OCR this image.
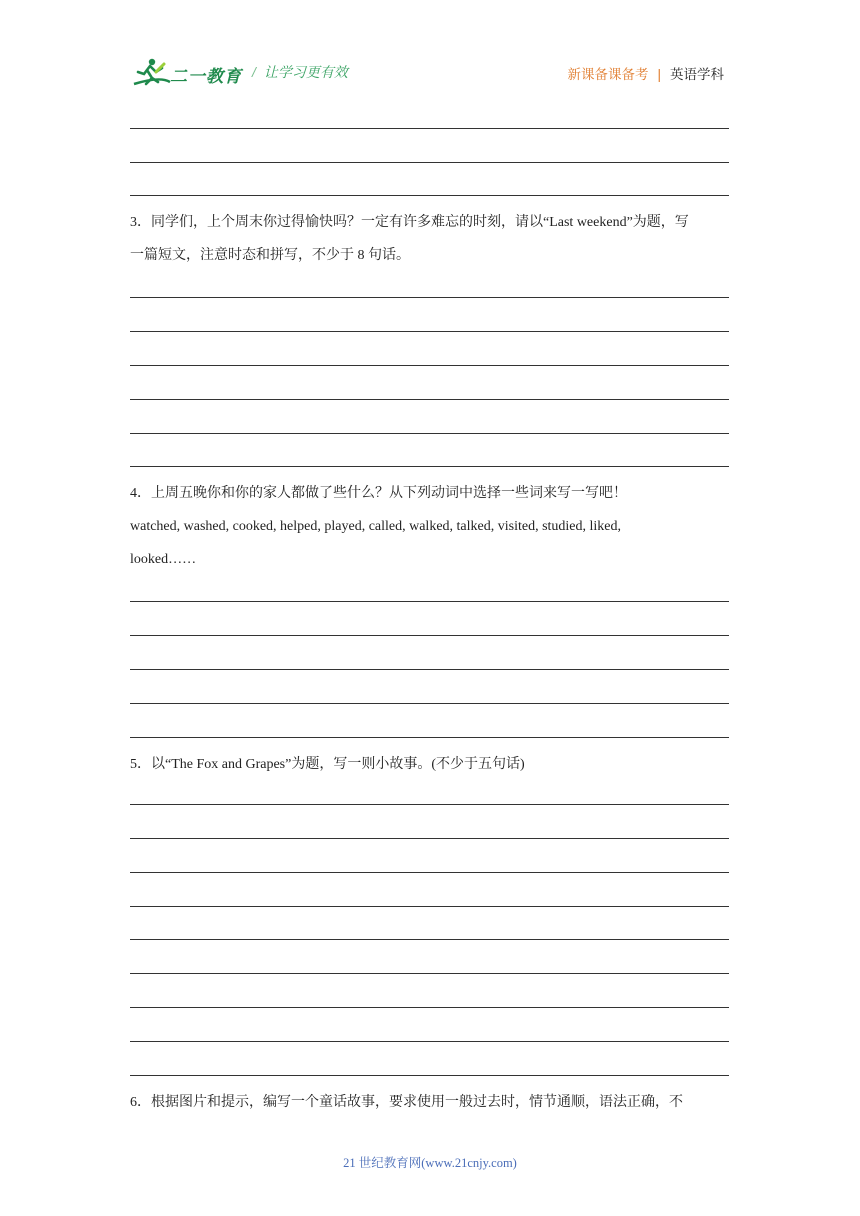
二一教育 / 让学习更有效	新课备课备考 | 英语学科
3．同学们，上个周末你过得愉快吗？一定有许多难忘的时刻，请以“Last weekend”为题，写
一篇短文，注意时态和拼写，不少于 8 句话。
4．上周五晚你和你的家人都做了些什么？从下列动词中选择一些词来写一写吧！
watched, washed, cooked, helped, played, called, walked, talked, visited, studied, liked,
looked……
5．以“The Fox and Grapes”为题，写一则小故事。(不少于五句话)
6．根据图片和提示，编写一个童话故事，要求使用一般过去时，情节通顺，语法正确，不
21 世纪教育网(www.21cnjy.com)
